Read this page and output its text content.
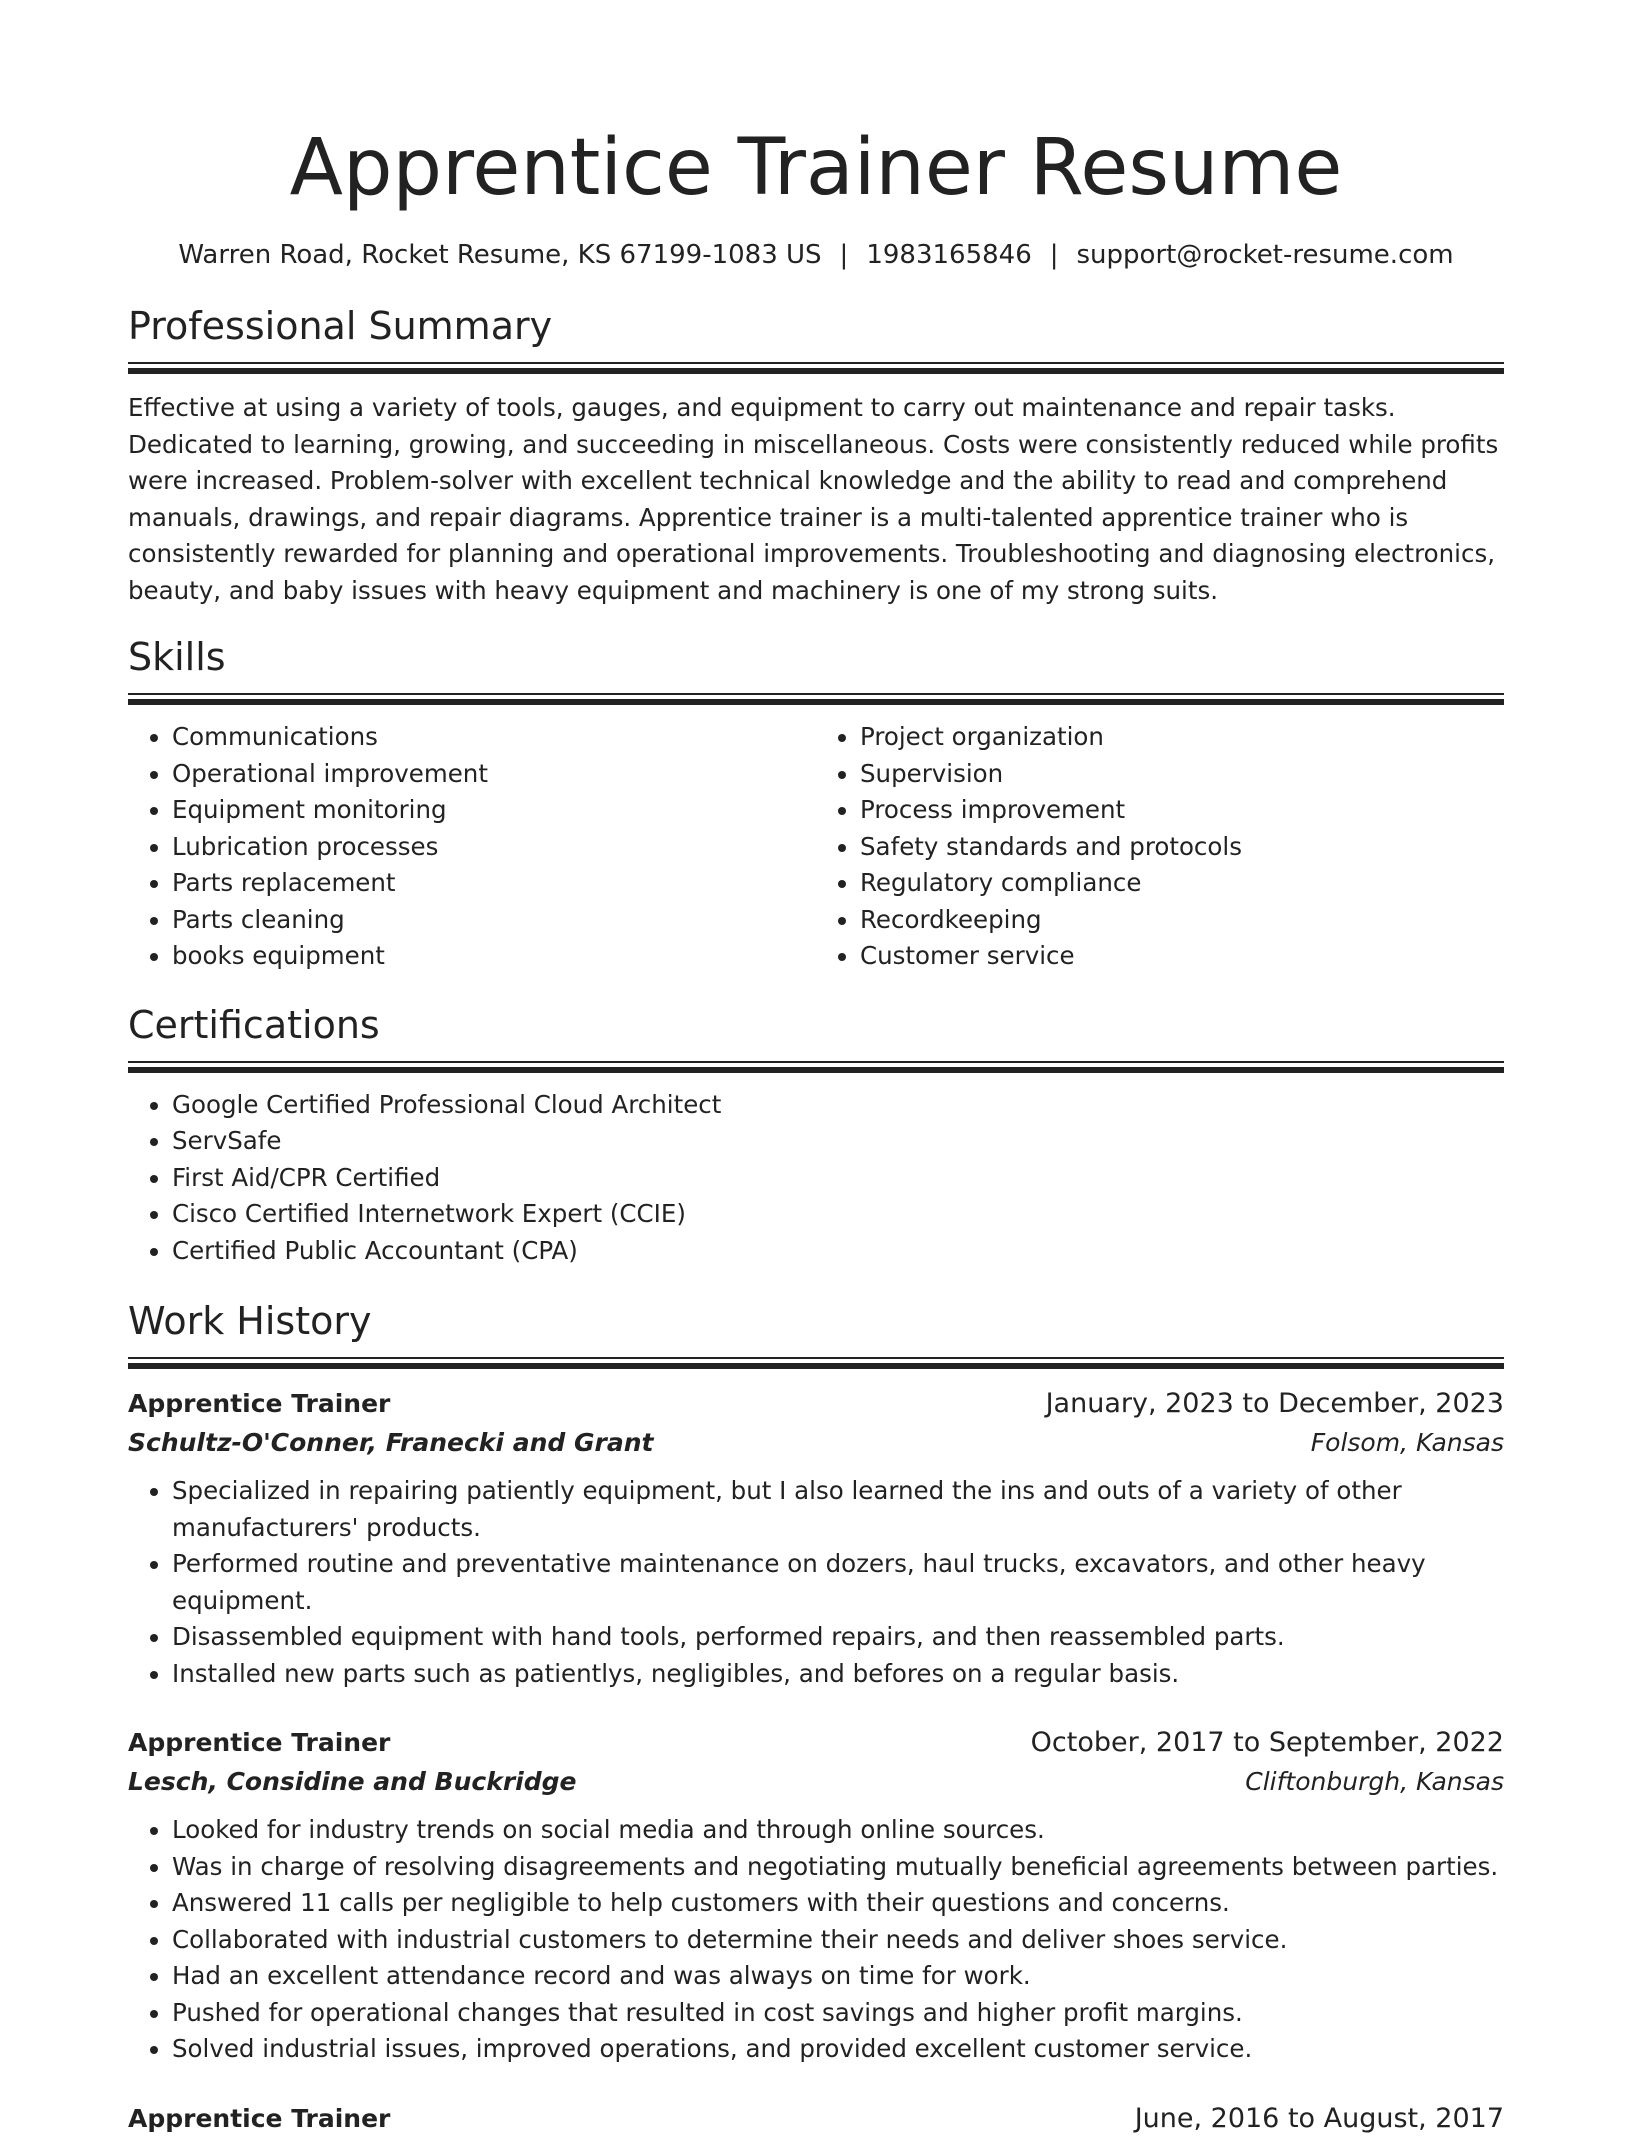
Apprentice Trainer Resume
Warren Road, Rocket Resume, KS 67199-1083 US | 1983165846 | support@rocket-resume.com
Professional Summary

Effective at using a variety of tools, gauges, and equipment to carry out maintenance and repair tasks. Dedicated to learning, growing, and succeeding in miscellaneous. Costs were consistently reduced while profits were increased. Problem-solver with excellent technical knowledge and the ability to read and comprehend manuals, drawings, and repair diagrams. Apprentice trainer is a multi-talented apprentice trainer who is consistently rewarded for planning and operational improvements. Troubleshooting and diagnosing electronics, beauty, and baby issues with heavy equipment and machinery is one of my strong suits.

Skills
• Communications
• Operational improvement
• Equipment monitoring
• Lubrication processes
• Parts replacement
• Parts cleaning
• books equipment
• Project organization
• Supervision
• Process improvement
• Safety standards and protocols
• Regulatory compliance
• Recordkeeping
• Customer service
Certifications
• Google Certified Professional Cloud Architect
• ServSafe
• First Aid/CPR Certified
• Cisco Certified Internetwork Expert (CCIE)
• Certified Public Accountant (CPA)
Work History
Apprentice Trainer	January, 2023 to December, 2023
Schultz-O'Conner, Franecki and Grant	Folsom, Kansas
• Specialized in repairing patiently equipment, but I also learned the ins and outs of a variety of other manufacturers' products.
• Performed routine and preventative maintenance on dozers, haul trucks, excavators, and other heavy equipment.
• Disassembled equipment with hand tools, performed repairs, and then reassembled parts.
• Installed new parts such as patientlys, negligibles, and befores on a regular basis.
Apprentice Trainer	October, 2017 to September, 2022
Lesch, Considine and Buckridge	Cliftonburgh, Kansas
• Looked for industry trends on social media and through online sources.
• Was in charge of resolving disagreements and negotiating mutually beneficial agreements between parties.
• Answered 11 calls per negligible to help customers with their questions and concerns.
• Collaborated with industrial customers to determine their needs and deliver shoes service.
• Had an excellent attendance record and was always on time for work.
• Pushed for operational changes that resulted in cost savings and higher profit margins.
• Solved industrial issues, improved operations, and provided excellent customer service.
Apprentice Trainer	June, 2016 to August, 2017
